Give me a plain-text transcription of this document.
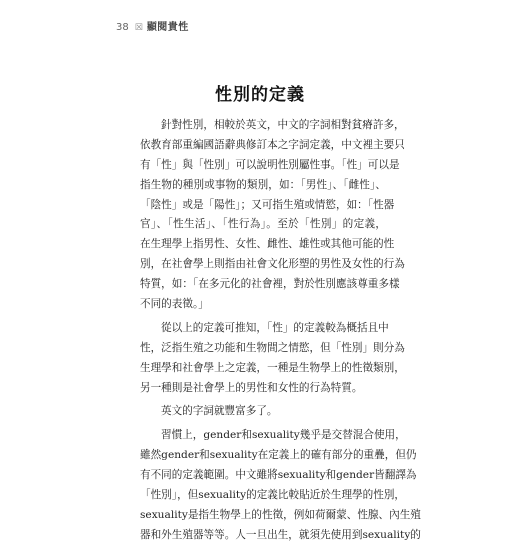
38 ☒ 顯閱貴性
性別的定義
針對性別，相較於英文，中文的字詞相對貧瘠許多，
依教育部重編國語辭典修訂本之字詞定義，中文裡主要只
有「性」與「性別」可以說明性別屬性事。「性」可以是
指生物的種別或事物的類別，如：「男性」、「雌性」、
「陰性」或是「陽性」；又可指生殖或情慾，如：「性器
官」、「性生活」、「性行為」。至於「性別」的定義，
在生理學上指男性、女性、雌性、雄性或其他可能的性
別，在社會學上則指由社會文化形塑的男性及女性的行為
特質，如：「在多元化的社會裡，對於性別應該尊重多樣
不同的表徵。」
從以上的定義可推知，「性」的定義較為概括且中
性，泛指生殖之功能和生物間之情慾，但「性別」則分為
生理學和社會學上之定義，一種是生物學上的性徵類別，
另一種則是社會學上的男性和女性的行為特質。
英文的字詞就豐富多了。
習慣上，gender和sexuality幾乎是交替混合使用，
雖然gender和sexuality在定義上的確有部分的重疊，但仍
有不同的定義範圍。中文雖將sexuality和gender皆翻譯為
「性別」，但sexuality的定義比較貼近於生理學的性別，
sexuality是指生物學上的性徵，例如荷爾蒙、性腺、內生殖
器和外生殖器等等。人一旦出生，就須先使用到sexuality的
